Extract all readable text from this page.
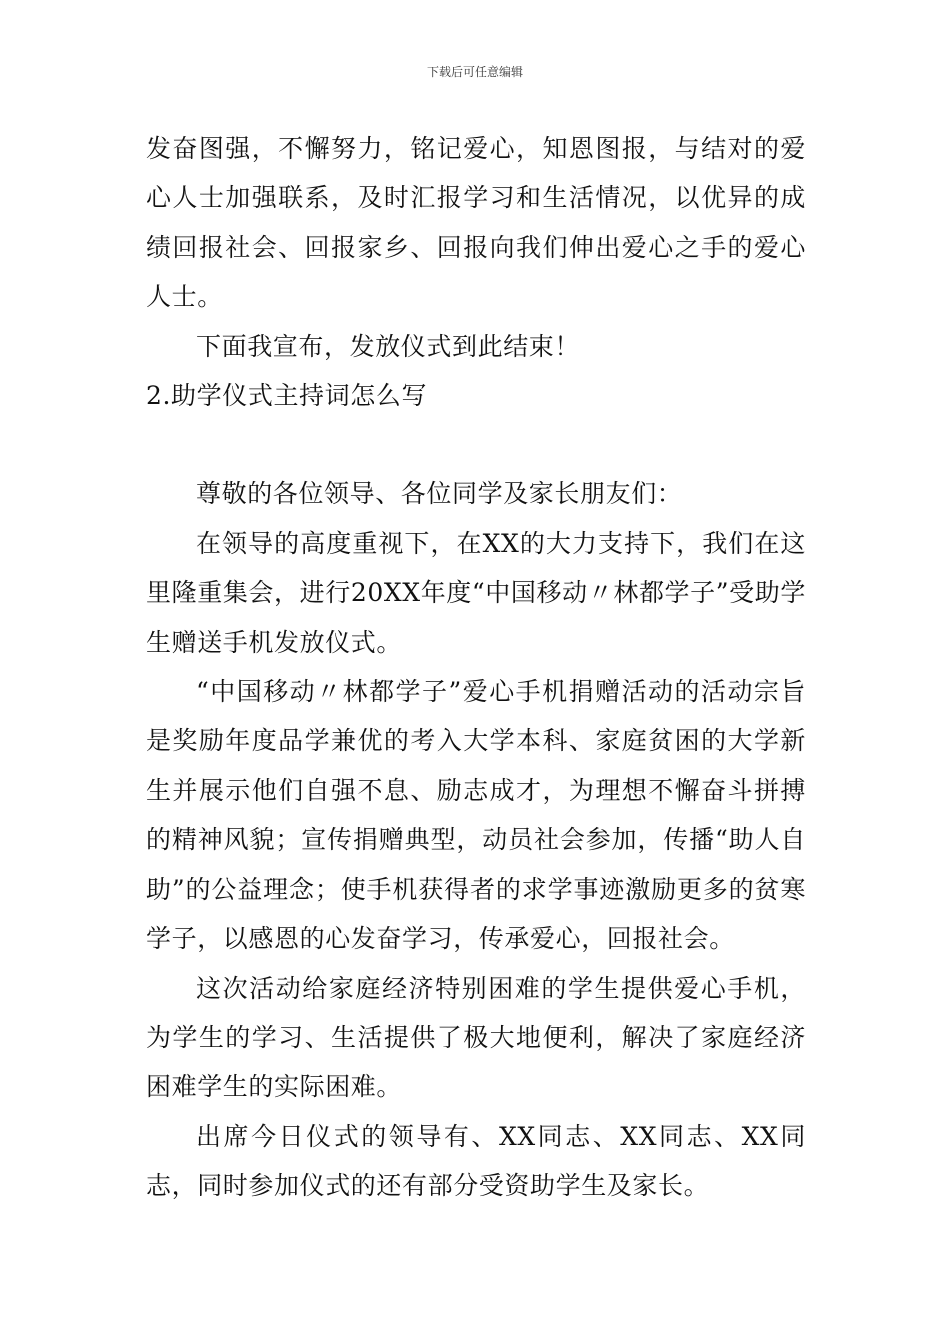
下载后可任意编辑

发奋图强，不懈努力，铭记爱心，知恩图报，与结对的爱心人士加强联系，及时汇报学习和生活情况，以优异的成绩回报社会、回报家乡、回报向我们伸出爱心之手的爱心人士。

下面我宣布，发放仪式到此结束！

2.助学仪式主持词怎么写

尊敬的各位领导、各位同学及家长朋友们：

在领导的高度重视下，在XX的大力支持下，我们在这里隆重集会，进行20XX年度“中国移动〃林都学子”受助学生赠送手机发放仪式。

“中国移动〃林都学子”爱心手机捐赠活动的活动宗旨是奖励年度品学兼优的考入大学本科、家庭贫困的大学新生并展示他们自强不息、励志成才，为理想不懈奋斗拼搏的精神风貌；宣传捐赠典型，动员社会参加，传播“助人自助”的公益理念；使手机获得者的求学事迹激励更多的贫寒学子，以感恩的心发奋学习，传承爱心，回报社会。

这次活动给家庭经济特别困难的学生提供爱心手机，为学生的学习、生活提供了极大地便利，解决了家庭经济困难学生的实际困难。

出席今日仪式的领导有、XX同志、XX同志、XX同志，同时参加仪式的还有部分受资助学生及家长。
